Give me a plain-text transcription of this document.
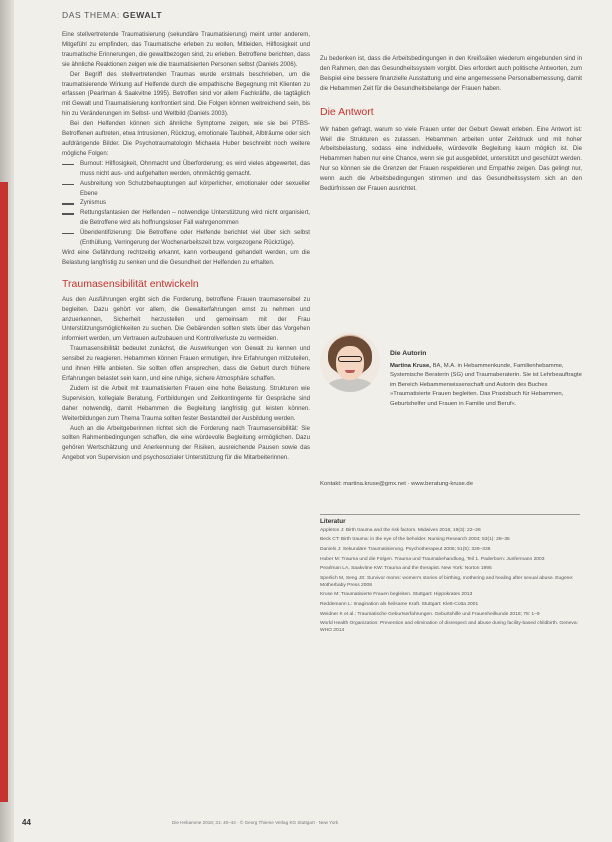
DAS THEMA: GEWALT

Eine stellvertretende Traumatisierung (sekundäre Traumatisierung) meint unter anderem, Mitgefühl zu empfinden, das Traumatische erleben zu wollen, Mitleiden, Hilflosigkeit und traumatische Erinnerungen, die gewaltbezogen sind, zu erleben. Betroffene berichten, dass sie ähnliche Reaktionen zeigen wie die traumatisierten Personen selbst (Daniels 2006).

Der Begriff des stellvertretenden Traumas wurde erstmals beschrieben, um die traumatisierende Wirkung auf Helfende durch die empathische Begegnung mit Klienten zu erfassen (Pearlman & Saakvitne 1995). Betroffen sind vor allem Fachkräfte, die tagtäglich mit Gewalt und Traumatisierung konfrontiert sind. Die Folgen können weitreichend sein, bis hin zu Veränderungen im Selbst- und Weltbild (Daniels 2003).

Bei den Helfenden können sich ähnliche Symptome zeigen, wie sie bei PTBS-Betroffenen auftreten, etwa Intrusionen, Rückzug, emotionale Taubheit, Albträume oder sich aufdrängende Bilder. Die Psychotraumatologin Michaela Huber beschreibt noch weitere mögliche Folgen:

Burnout: Hilflosigkeit, Ohnmacht und Überforderung; es wird vieles abgewertet, das muss nicht aus- und aufgehalten werden, ohnmächtig gemacht.
Ausbreitung von Schutzbehauptungen auf körperlicher, emotionaler oder sexueller Ebene
Zynismus
Rettungsfantasien der Helfenden – notwendige Unterstützung wird nicht organisiert, die Betroffene wird als hoffnungsloser Fall wahrgenommen
Überidentifizierung: Die Betroffene oder Helfende berichtet viel über sich selbst (Enthüllung, Verringerung der Wochenarbeitszeit bzw. vorgezogene Rückzüge).

Wird eine Gefährdung rechtzeitig erkannt, kann vorbeugend gehandelt werden, um die Belastung langfristig zu senken und die Gesundheit der Helfenden zu erhalten.

Traumasensibilität entwickeln

Aus den Ausführungen ergibt sich die Forderung, betroffene Frauen traumasensibel zu begleiten. Dazu gehört vor allem, die Gewalterfahrungen ernst zu nehmen und anzuerkennen, Sicherheit herzustellen und gemeinsam mit der Frau Unterstützungsmöglichkeiten zu suchen. Die Gebärenden sollten stets über das Vorgehen informiert werden, um Vertrauen aufzubauen und Kontrollverluste zu vermeiden.

Traumasensibilität bedeutet zunächst, die Auswirkungen von Gewalt zu kennen und sensibel zu reagieren. Hebammen können Frauen ermutigen, ihre Erfahrungen mitzuteilen, und ihnen Hilfe anbieten. Sie sollten offen ansprechen, dass die Geburt durch frühere Erfahrungen belastet sein kann, und eine ruhige, sichere Atmosphäre schaffen.

Zudem ist die Arbeit mit traumatisierten Frauen eine hohe Belastung. Strukturen wie Supervision, kollegiale Beratung, Fortbildungen und Zeitkontingente für Gespräche sind daher notwendig, damit Hebammen die Begleitung langfristig gut leisten können. Weiterbildungen zum Thema Trauma sollten fester Bestandteil der Ausbildung werden.

Auch an die Arbeitgeberinnen richtet sich die Forderung nach Traumasensibilität: Sie sollten Rahmenbedingungen schaffen, die eine würdevolle Begleitung ermöglichen. Dazu gehören Wertschätzung und Anerkennung der Risiken, ausreichende Pausen sowie das Angebot von Supervision und psychosozialer Unterstützung für die Mitarbeiterinnen.

Zu bedenken ist, dass die Arbeitsbedingungen in den Kreißsälen wiederum eingebunden sind in den Rahmen, den das Gesundheitssystem vorgibt. Dies erfordert auch politische Antworten, zum Beispiel eine bessere finanzielle Ausstattung und eine angemessene Personalbemessung, damit die Hebammen Zeit für die Gesundheitsbelange der Frauen haben.

Die Antwort

Wir haben gefragt, warum so viele Frauen unter der Geburt Gewalt erleben. Eine Antwort ist: Weil die Strukturen es zulassen. Hebammen arbeiten unter Zeitdruck und mit hoher Arbeitsbelastung, sodass eine individuelle, würdevolle Begleitung kaum möglich ist. Die Hebammen haben nur eine Chance, wenn sie gut ausgebildet, unterstützt und geschützt werden. Nur so können sie die Grenzen der Frauen respektieren und Empathie zeigen. Das gelingt nur, wenn auch die Arbeitsbedingungen stimmen und das Gesundheitssystem sich an den Bedürfnissen der Frauen ausrichtet.

Die Autorin
Martina Kruse, BA, M.A. in Hebammenkunde, Familienhebamme, Systemische Beraterin (SG) und Traumaberaterin. Sie ist Lehrbeauftragte im Bereich Hebammenwissenschaft und Autorin des Buches »Traumatisierte Frauen begleiten. Das Praxisbuch für Hebammen, Geburtshelfer und Frauen in Familie und Beruf«.
Kontakt: martina.kruse@gmx.net · www.beratung-kruse.de
Literatur
Appleton J: Birth trauma and the risk factors. Midwives 2016; 19(3): 22–26
Beck CT: Birth trauma: in the eye of the beholder. Nursing Research 2004; 53(1): 28–35
Daniels J: Sekundäre Traumatisierung. Psychotherapeut 2006; 51(5): 329–336
Huber M: Trauma und die Folgen. Trauma und Traumabehandlung, Teil 1. Paderborn: Junfermann 2003
Pearlman LA, Saakvitne KW: Trauma and the therapist. New York: Norton 1995
Sperlich M, Seng JS: Survivor moms: women's stories of birthing, mothering and healing after sexual abuse. Eugene: Motherbaby Press 2008
Kruse M: Traumatisierte Frauen begleiten. Stuttgart: Hippokrates 2013
Reddemann L: Imagination als heilsame Kraft. Stuttgart: Klett-Cotta 2001
Weidner K et al.: Traumatische Geburtserfahrungen. Geburtshilfe und Frauenheilkunde 2018; 78: 1–9
World Health Organization: Prevention and elimination of disrespect and abuse during facility-based childbirth. Geneva: WHO 2014
44	Die Hebamme 2018; 31: 40–44 · © Georg Thieme Verlag KG Stuttgart · New York
